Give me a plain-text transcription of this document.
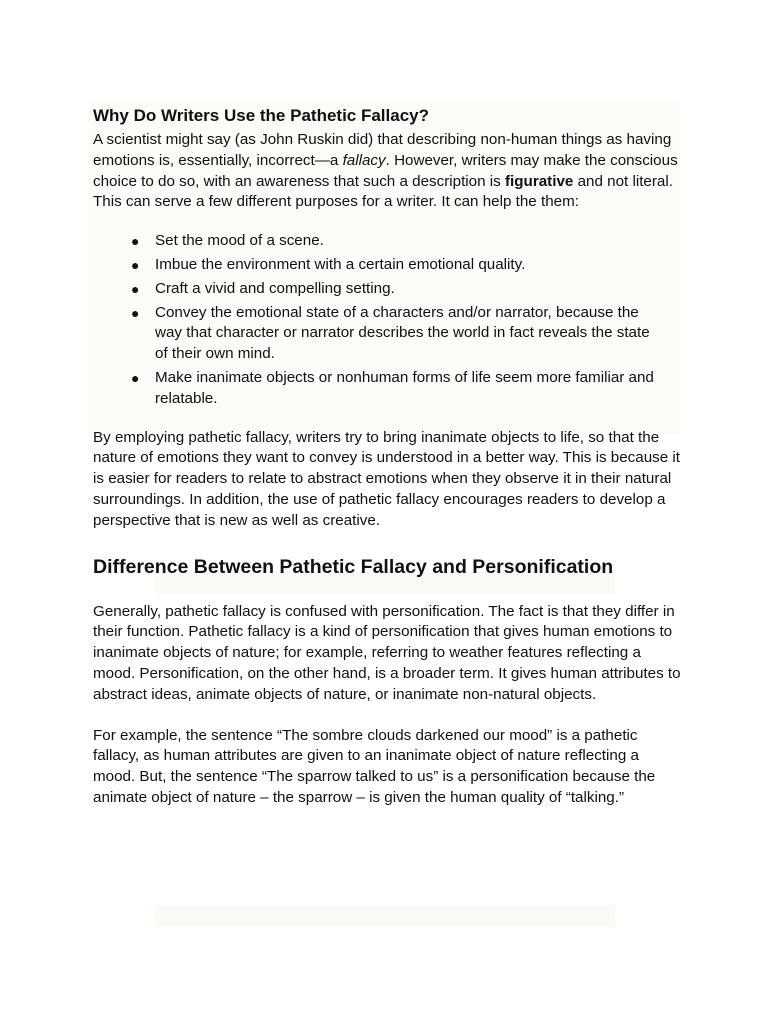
Why Do Writers Use the Pathetic Fallacy?

A scientist might say (as John Ruskin did) that describing non-human things as having emotions is, essentially, incorrect—a fallacy. However, writers may make the conscious choice to do so, with an awareness that such a description is figurative and not literal. This can serve a few different purposes for a writer. It can help the them:

● Set the mood of a scene.
● Imbue the environment with a certain emotional quality.
● Craft a vivid and compelling setting.
● Convey the emotional state of a characters and/or narrator, because the way that character or narrator describes the world in fact reveals the state of their own mind.
● Make inanimate objects or nonhuman forms of life seem more familiar and relatable.

By employing pathetic fallacy, writers try to bring inanimate objects to life, so that the nature of emotions they want to convey is understood in a better way. This is because it is easier for readers to relate to abstract emotions when they observe it in their natural surroundings. In addition, the use of pathetic fallacy encourages readers to develop a perspective that is new as well as creative.

Difference Between Pathetic Fallacy and Personification

Generally, pathetic fallacy is confused with personification. The fact is that they differ in their function. Pathetic fallacy is a kind of personification that gives human emotions to inanimate objects of nature; for example, referring to weather features reflecting a mood. Personification, on the other hand, is a broader term. It gives human attributes to abstract ideas, animate objects of nature, or inanimate non-natural objects.

For example, the sentence “The sombre clouds darkened our mood” is a pathetic fallacy, as human attributes are given to an inanimate object of nature reflecting a mood. But, the sentence “The sparrow talked to us” is a personification because the animate object of nature – the sparrow – is given the human quality of “talking.”
